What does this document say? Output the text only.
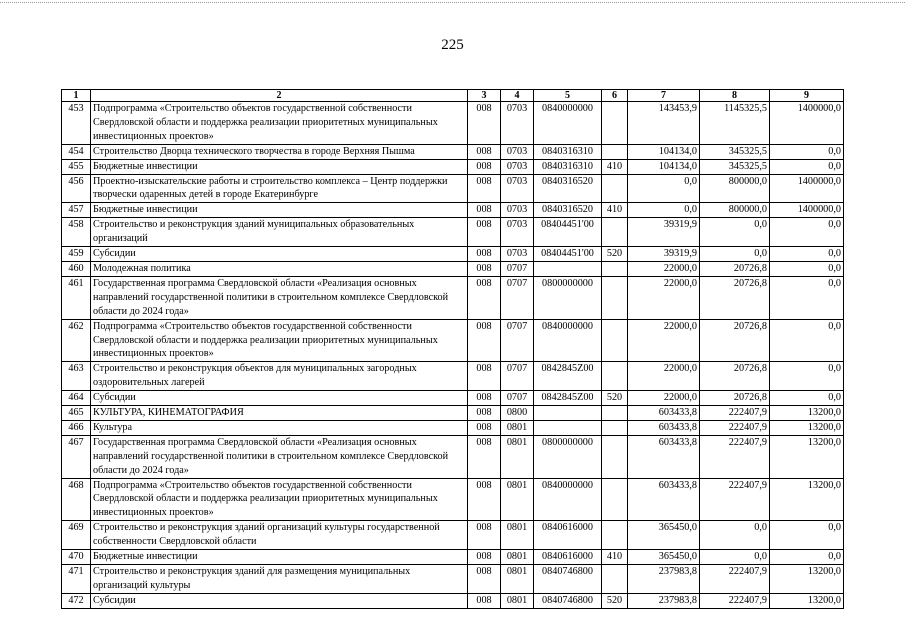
225
1	2	3	4	5	6	7	8	9
453	Подпрограмма «Строительство объектов государственной собственности Свердловской области и поддержка реализации приоритетных муниципальных инвестиционных проектов»	008	0703	0840000000		143453,9	1145325,5	1400000,0
454	Строительство Дворца технического творчества в городе Верхняя Пышма	008	0703	0840316310		104134,0	345325,5	0,0
455	Бюджетные инвестиции	008	0703	0840316310	410	104134,0	345325,5	0,0
456	Проектно-изыскательские работы и строительство комплекса – Центр поддержки творчески одаренных детей в городе Екатеринбурге	008	0703	0840316520		0,0	800000,0	1400000,0
457	Бюджетные инвестиции	008	0703	0840316520	410	0,0	800000,0	1400000,0
458	Строительство и реконструкция зданий муниципальных образовательных организаций	008	0703	08404451'00		39319,9	0,0	0,0
459	Субсидии	008	0703	08404451'00	520	39319,9	0,0	0,0
460	Молодежная политика	008	0707			22000,0	20726,8	0,0
461	Государственная программа Свердловской области «Реализация основных направлений государственной политики в строительном комплексе Свердловской области до 2024 года»	008	0707	0800000000		22000,0	20726,8	0,0
462	Подпрограмма «Строительство объектов государственной собственности Свердловской области и поддержка реализации приоритетных муниципальных инвестиционных проектов»	008	0707	0840000000		22000,0	20726,8	0,0
463	Строительство и реконструкция объектов для муниципальных загородных оздоровительных лагерей	008	0707	0842845Z00		22000,0	20726,8	0,0
464	Субсидии	008	0707	0842845Z00	520	22000,0	20726,8	0,0
465	КУЛЬТУРА, КИНЕМАТОГРАФИЯ	008	0800			603433,8	222407,9	13200,0
466	Культура	008	0801			603433,8	222407,9	13200,0
467	Государственная программа Свердловской области «Реализация основных направлений государственной политики в строительном комплексе Свердловской области до 2024 года»	008	0801	0800000000		603433,8	222407,9	13200,0
468	Подпрограмма «Строительство объектов государственной собственности Свердловской области и поддержка реализации приоритетных муниципальных инвестиционных проектов»	008	0801	0840000000		603433,8	222407,9	13200,0
469	Строительство и реконструкция зданий организаций культуры государственной собственности Свердловской области	008	0801	0840616000		365450,0	0,0	0,0
470	Бюджетные инвестиции	008	0801	0840616000	410	365450,0	0,0	0,0
471	Строительство и реконструкция зданий для размещения муниципальных организаций культуры	008	0801	0840746800		237983,8	222407,9	13200,0
472	Субсидии	008	0801	0840746800	520	237983,8	222407,9	13200,0
